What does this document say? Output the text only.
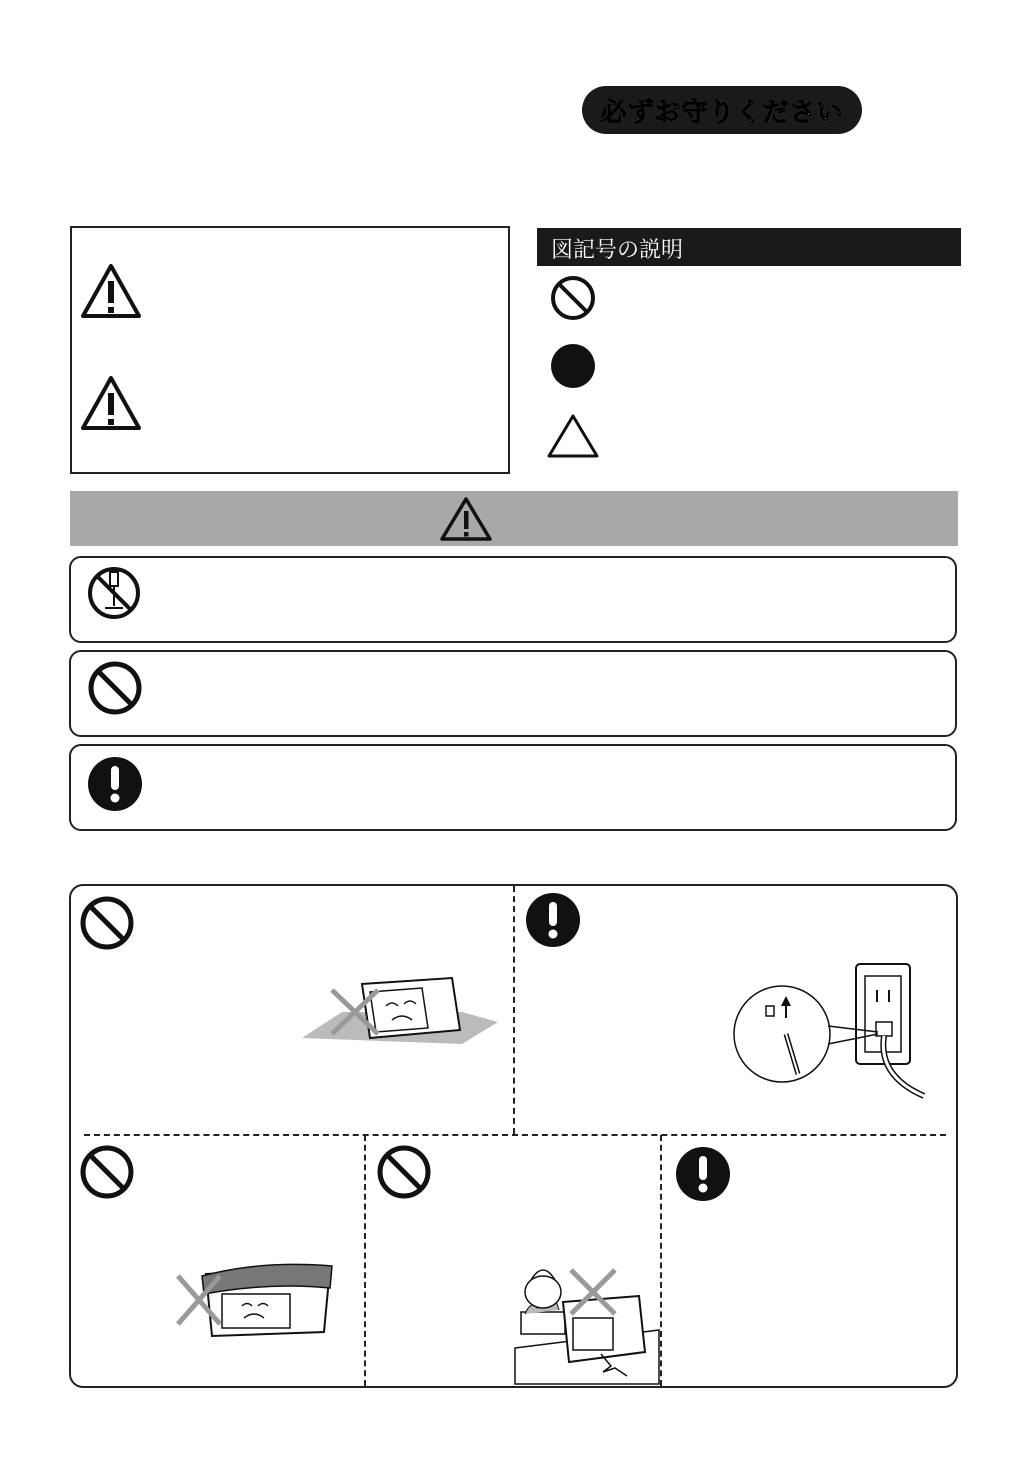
必ずお守りください
図記号の説明
